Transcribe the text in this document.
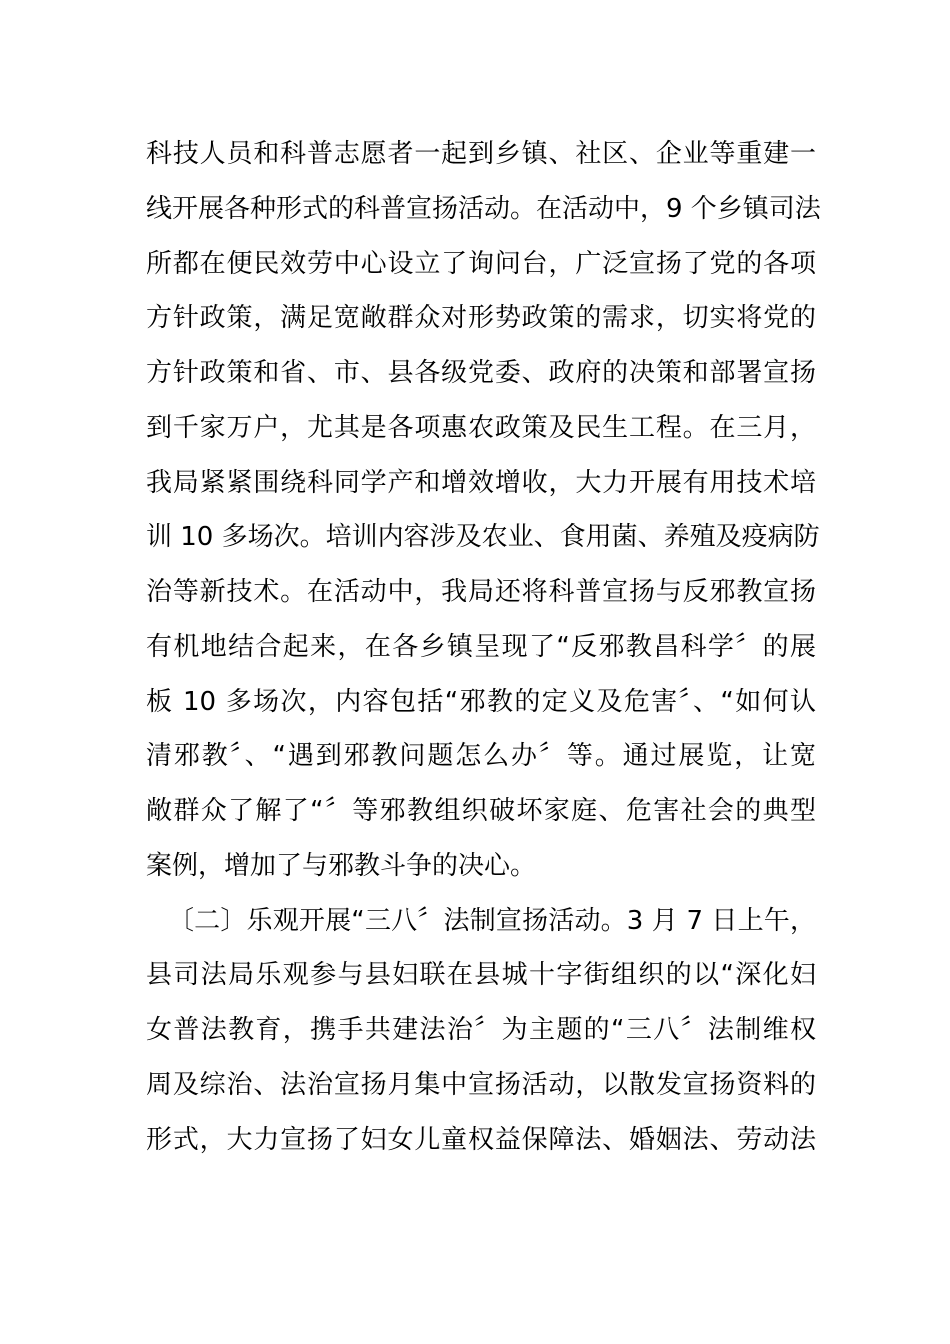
科技人员和科普志愿者一起到乡镇、社区、企业等重建一
线开展各种形式的科普宣扬活动。在活动中，9 个乡镇司法
所都在便民效劳中心设立了询问台，广泛宣扬了党的各项
方针政策，满足宽敞群众对形势政策的需求，切实将党的
方针政策和省、市、县各级党委、政府的决策和部署宣扬
到千家万户，尤其是各项惠农政策及民生工程。在三月，
我局紧紧围绕科同学产和增效增收，大力开展有用技术培
训 10 多场次。培训内容涉及农业、食用菌、养殖及疫病防
治等新技术。在活动中，我局还将科普宣扬与反邪教宣扬
有机地结合起来，在各乡镇呈现了“反邪教昌科学〞的展
板 10 多场次，内容包括“邪教的定义及危害〞、“如何认
清邪教〞、“遇到邪教问题怎么办〞等。通过展览，让宽
敞群众了解了“〞等邪教组织破坏家庭、危害社会的典型
案例，增加了与邪教斗争的决心。
〔二〕乐观开展“三八〞法制宣扬活动。3 月 7 日上午，
县司法局乐观参与县妇联在县城十字街组织的以“深化妇
女普法教育，携手共建法治〞为主题的“三八〞法制维权
周及综治、法治宣扬月集中宣扬活动，以散发宣扬资料的
形式，大力宣扬了妇女儿童权益保障法、婚姻法、劳动法
